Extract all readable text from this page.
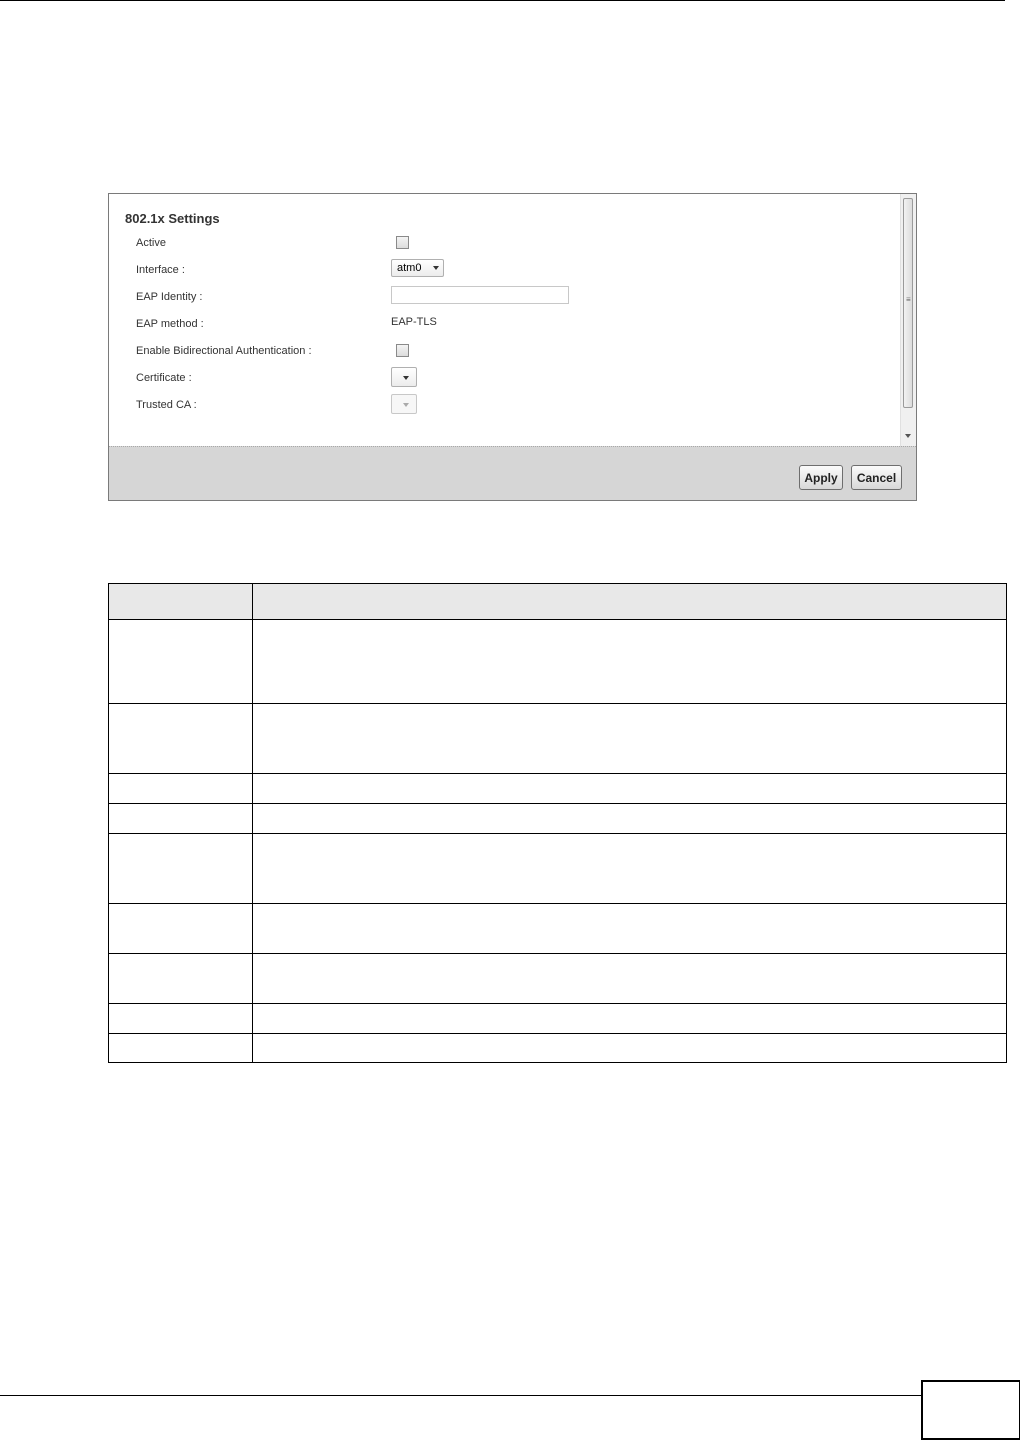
802.1x Settings
Active
Interface :	atm0
EAP Identity :
EAP method :	EAP-TLS
Enable Bidirectional Authentication :
Certificate :
Trusted CA :
≡
Apply	Cancel
